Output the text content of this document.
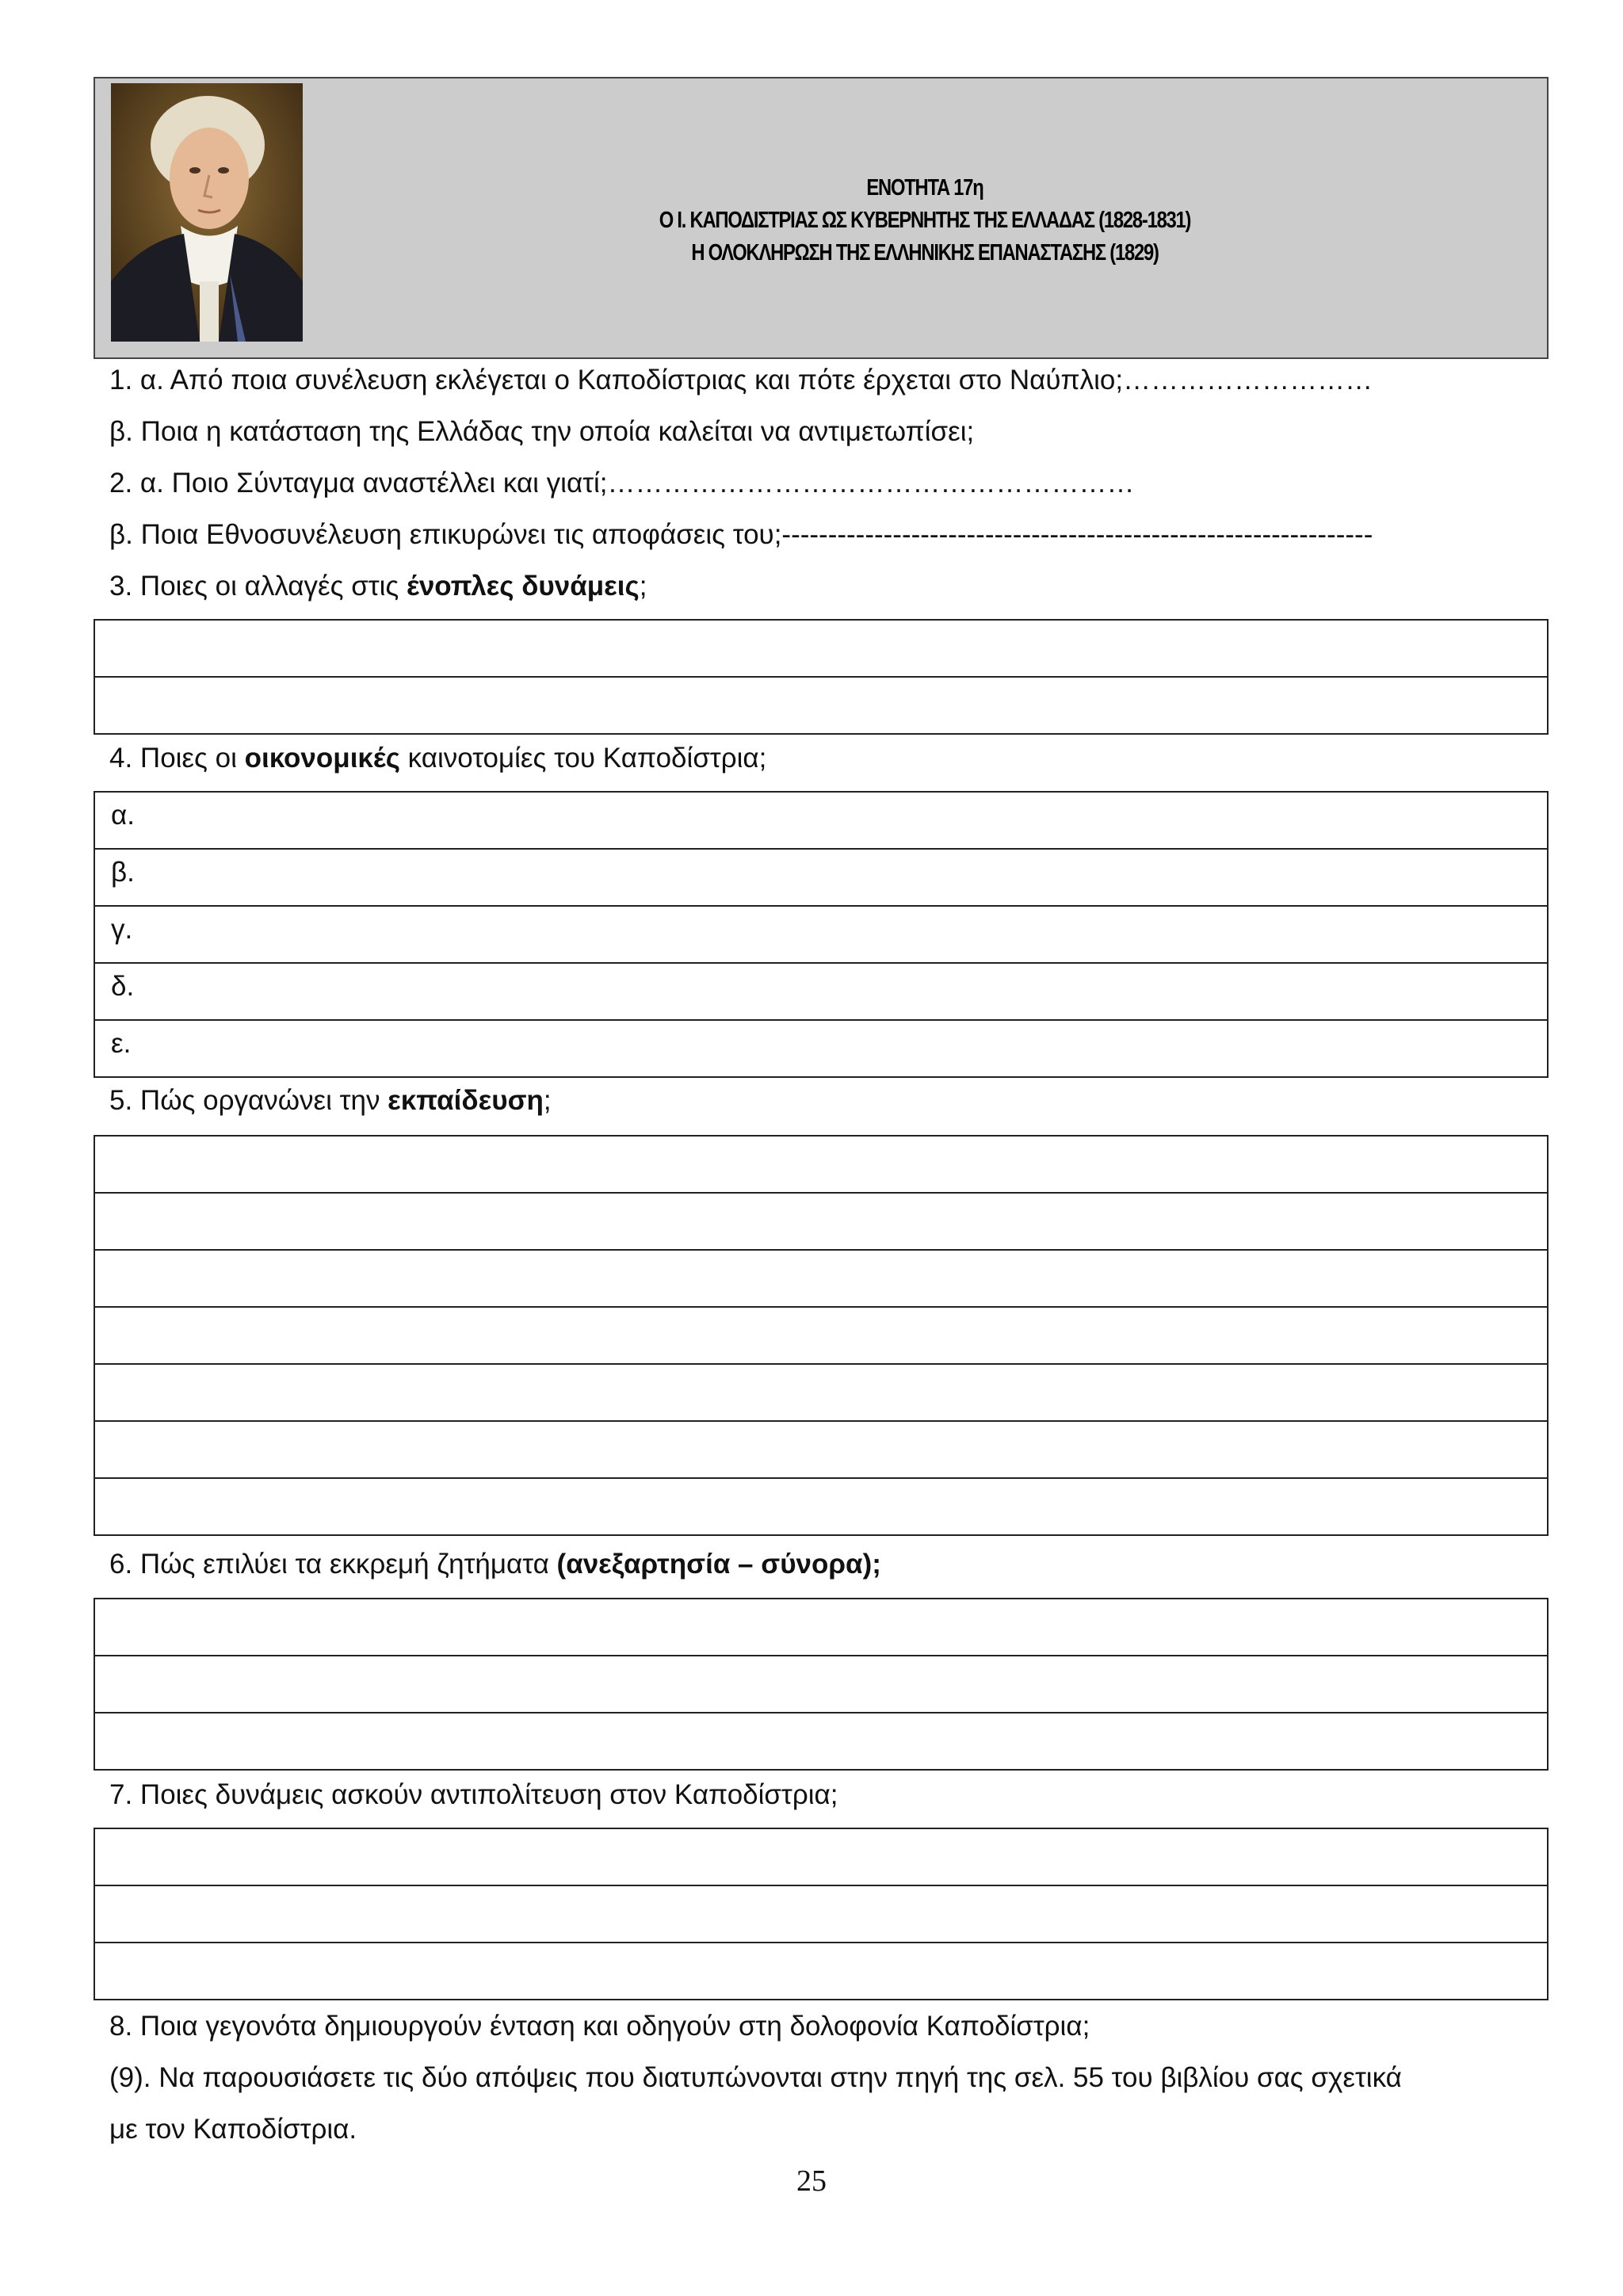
ΕΝΟΤΗΤΑ 17η
Ο Ι. ΚΑΠΟΔΙΣΤΡΙΑΣ ΩΣ ΚΥΒΕΡΝΗΤΗΣ ΤΗΣ ΕΛΛΑΔΑΣ (1828-1831)
Η ΟΛΟΚΛΗΡΩΣΗ ΤΗΣ ΕΛΛΗΝΙΚΗΣ ΕΠΑΝΑΣΤΑΣΗΣ (1829)
1. α. Από ποια συνέλευση εκλέγεται ο Καποδίστριας και πότε έρχεται στο Ναύπλιο;………………………
β. Ποια η κατάσταση της Ελλάδας την οποία καλείται να αντιμετωπίσει;
2. α. Ποιο Σύνταγμα αναστέλλει και γιατί;…………………………………………………
β. Ποια Εθνοσυνέλευση επικυρώνει τις αποφάσεις του;----------------------------------------------------------------
3. Ποιες οι αλλαγές στις ένοπλες δυνάμεις;

4. Ποιες οι οικονομικές καινοτομίες του Καποδίστρια;
α.
β.
γ.
δ.
ε.
5. Πώς οργανώνει την εκπαίδευση;

6. Πώς επιλύει τα εκκρεμή ζητήματα (ανεξαρτησία – σύνορα);

7. Ποιες δυνάμεις ασκούν αντιπολίτευση στον Καποδίστρια;

8. Ποια γεγονότα δημιουργούν ένταση και οδηγούν στη δολοφονία Καποδίστρια;
(9). Να παρουσιάσετε τις δύο απόψεις που διατυπώνονται στην πηγή της σελ. 55 του βιβλίου σας σχετικά
με τον Καποδίστρια.
25
